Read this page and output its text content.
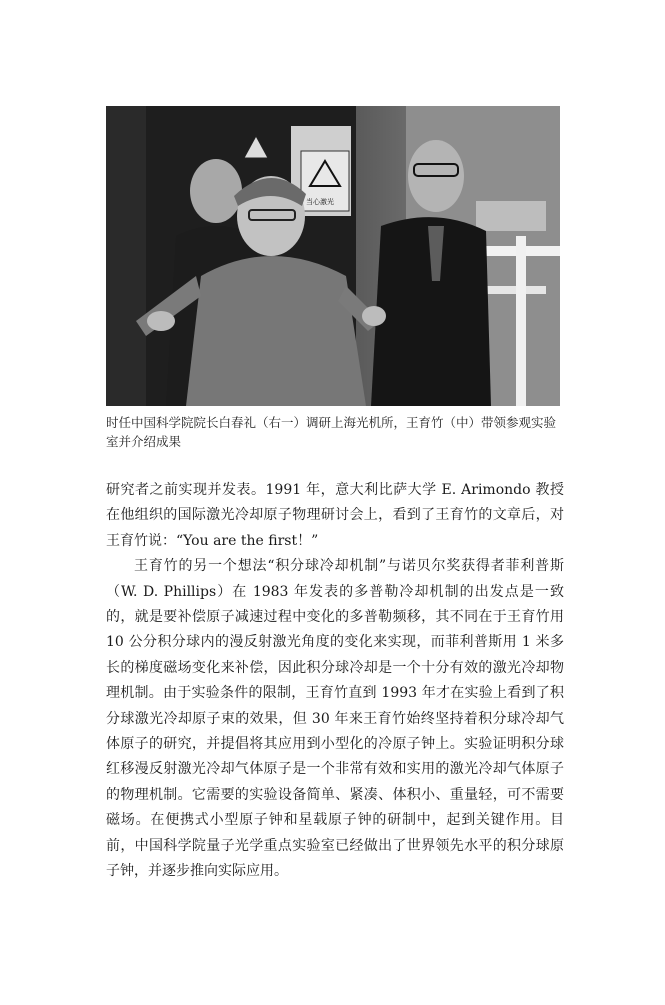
当心激光
时任中国科学院院长白春礼（右一）调研上海光机所，王育竹（中）带领参观实验室并介绍成果

研究者之前实现并发表。1991 年，意大利比萨大学 E. Arimondo 教授在他组织的国际激光冷却原子物理研讨会上，看到了王育竹的文章后，对王育竹说：“You are the first！”

王育竹的另一个想法“积分球冷却机制”与诺贝尔奖获得者菲利普斯（W. D. Phillips）在 1983 年发表的多普勒冷却机制的出发点是一致的，就是要补偿原子减速过程中变化的多普勒频移，其不同在于王育竹用 10 公分积分球内的漫反射激光角度的变化来实现，而菲利普斯用 1 米多长的梯度磁场变化来补偿，因此积分球冷却是一个十分有效的激光冷却物理机制。由于实验条件的限制，王育竹直到 1993 年才在实验上看到了积分球激光冷却原子束的效果，但 30 年来王育竹始终坚持着积分球冷却气体原子的研究，并提倡将其应用到小型化的冷原子钟上。实验证明积分球红移漫反射激光冷却气体原子是一个非常有效和实用的激光冷却气体原子的物理机制。它需要的实验设备简单、紧凑、体积小、重量轻，可不需要磁场。在便携式小型原子钟和星载原子钟的研制中，起到关键作用。目前，中国科学院量子光学重点实验室已经做出了世界领先水平的积分球原子钟，并逐步推向实际应用。
